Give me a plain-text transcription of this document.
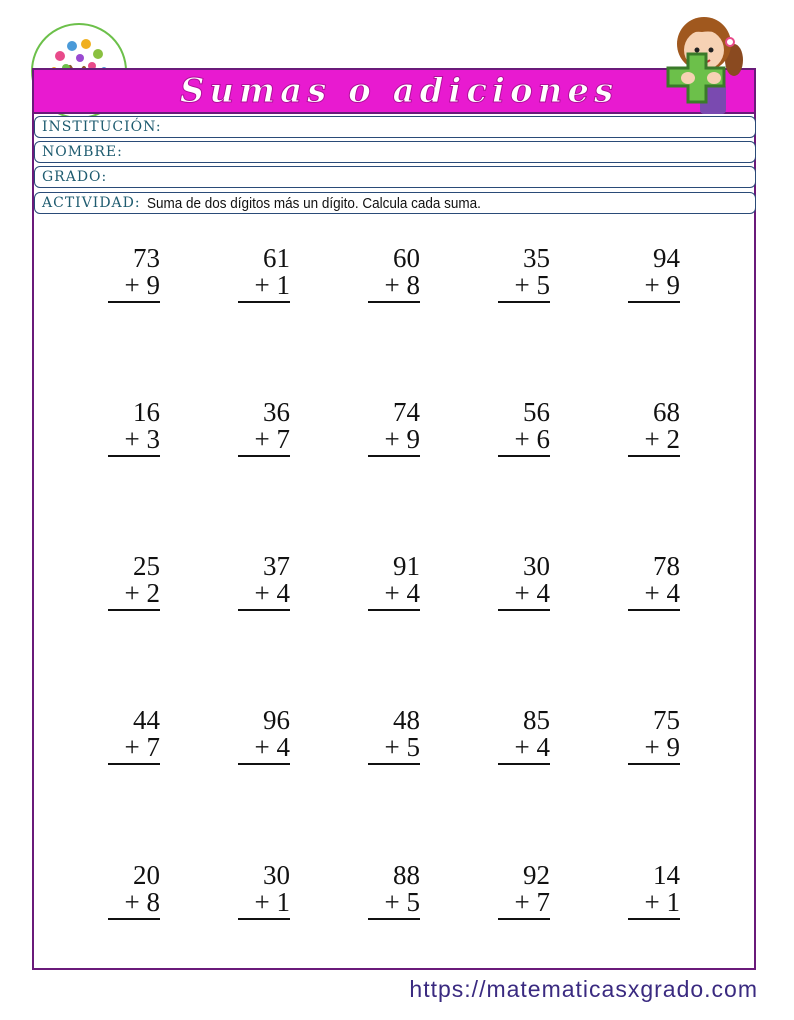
Sumas o adiciones
INSTITUCIÓN:
NOMBRE:
GRADO:
ACTIVIDAD: Suma de dos dígitos más un dígito. Calcula cada suma.
73
+ 9
61
+ 1
60
+ 8
35
+ 5
94
+ 9
16
+ 3
36
+ 7
74
+ 9
56
+ 6
68
+ 2
25
+ 2
37
+ 4
91
+ 4
30
+ 4
78
+ 4
44
+ 7
96
+ 4
48
+ 5
85
+ 4
75
+ 9
20
+ 8
30
+ 1
88
+ 5
92
+ 7
14
+ 1
https://matematicasxgrado.com
